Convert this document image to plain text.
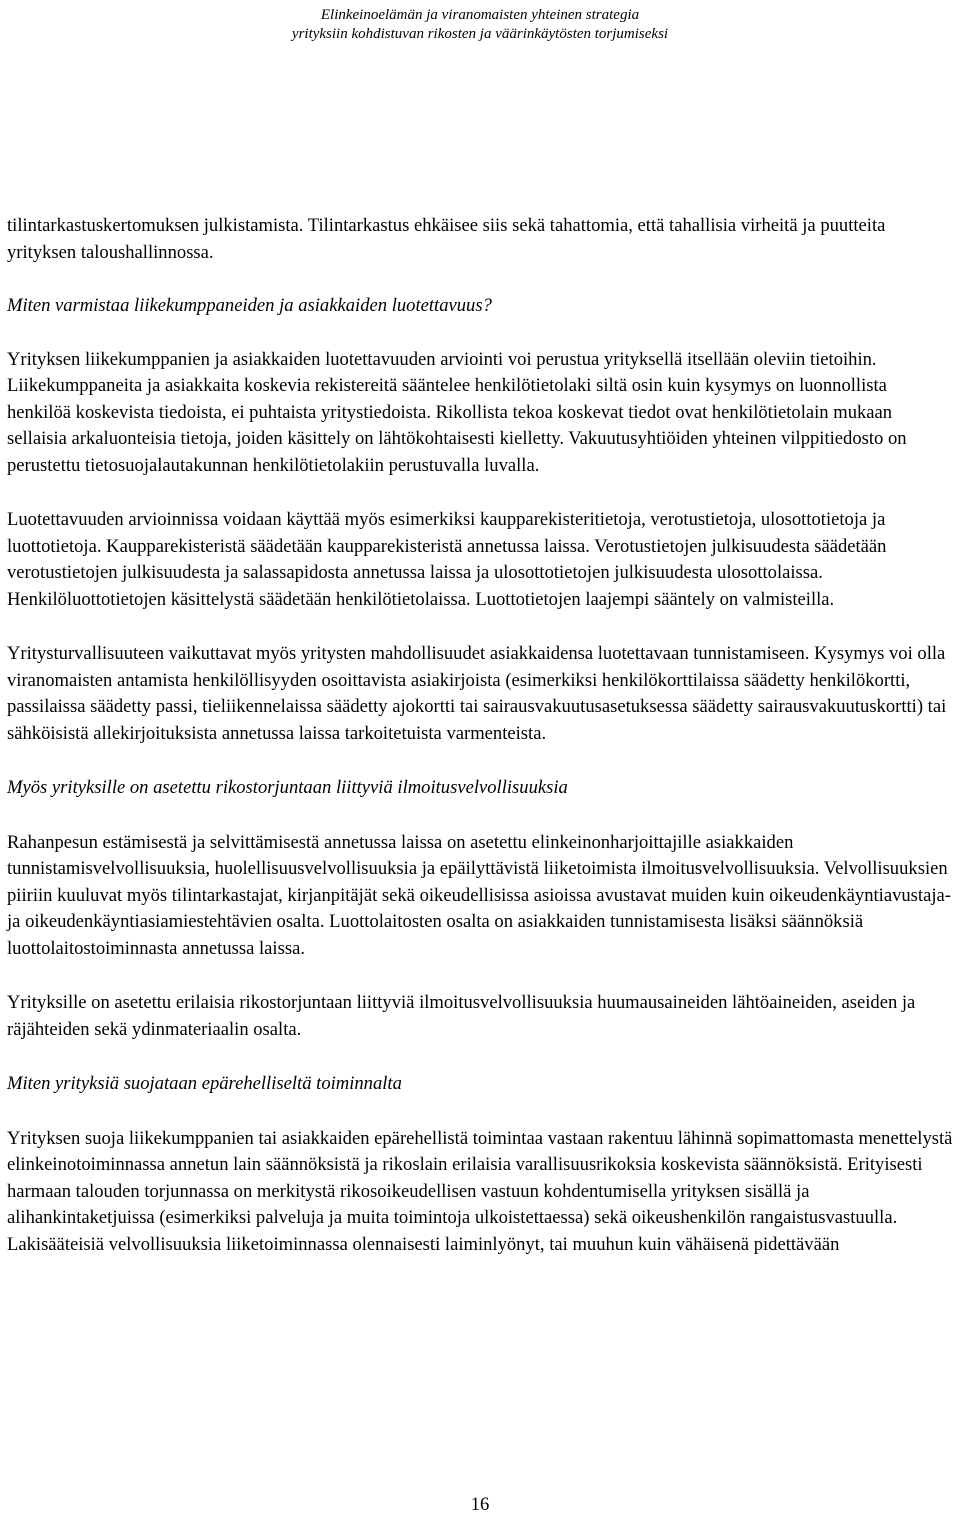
Elinkeinoelämän ja viranomaisten yhteinen strategia
yrityksiin kohdistuvan rikosten ja väärinkäytösten torjumiseksi

tilintarkastuskertomuksen julkistamista. Tilintarkastus ehkäisee siis sekä tahattomia, että tahallisia virheitä ja puutteita yrityksen taloushallinnossa.

Miten varmistaa liikekumppaneiden ja asiakkaiden luotettavuus?

Yrityksen liikekumppanien ja asiakkaiden luotettavuuden arviointi voi perustua yrityksellä itsellään oleviin tietoihin. Liikekumppaneita ja asiakkaita koskevia rekistereitä sääntelee henkilötietolaki siltä osin kuin kysymys on luonnollista henkilöä koskevista tiedoista, ei puhtaista yritystiedoista. Rikollista tekoa koskevat tiedot ovat henkilötietolain mukaan sellaisia arkaluonteisia tietoja, joiden käsittely on lähtökohtaisesti kielletty. Vakuutusyhtiöiden yhteinen vilppitiedosto on perustettu tietosuojalautakunnan henkilötietolakiin perustuvalla luvalla.

Luotettavuuden arvioinnissa voidaan käyttää myös esimerkiksi kaupparekisteritietoja, verotustietoja, ulosottotietoja ja luottotietoja. Kaupparekisteristä säädetään kaupparekisteristä annetussa laissa. Verotustietojen julkisuudesta säädetään verotustietojen julkisuudesta ja salassapidosta annetussa laissa ja ulosottotietojen julkisuudesta ulosottolaissa. Henkilöluottotietojen käsittelystä säädetään henkilötietolaissa. Luottotietojen laajempi sääntely on valmisteilla.

Yritysturvallisuuteen vaikuttavat myös yritysten mahdollisuudet asiakkaidensa luotettavaan tunnistamiseen. Kysymys voi olla viranomaisten antamista henkilöllisyyden osoittavista asiakirjoista (esimerkiksi henkilökorttilaissa säädetty henkilökortti, passilaissa säädetty passi, tieliikennelaissa säädetty ajokortti tai sairausvakuutusasetuksessa säädetty sairausvakuutuskortti) tai sähköisistä allekirjoituksista annetussa laissa tarkoitetuista varmenteista.

Myös yrityksille on asetettu rikostorjuntaan liittyviä ilmoitusvelvollisuuksia

Rahanpesun estämisestä ja selvittämisestä annetussa laissa on asetettu elinkeinonharjoittajille asiakkaiden tunnistamisvelvollisuuksia, huolellisuusvelvollisuuksia ja epäilyttävistä liiketoimista ilmoitusvelvollisuuksia. Velvollisuuksien piiriin kuuluvat myös tilintarkastajat, kirjanpitäjät sekä oikeudellisissa asioissa avustavat muiden kuin oikeudenkäyntiavustaja- ja oikeudenkäyntiasiamiestehtävien osalta. Luottolaitosten osalta on asiakkaiden tunnistamisesta lisäksi säännöksiä luottolaitostoiminnasta annetussa laissa.

Yrityksille on asetettu erilaisia rikostorjuntaan liittyviä ilmoitusvelvollisuuksia huumausaineiden lähtöaineiden, aseiden ja räjähteiden sekä ydinmateriaalin osalta.

Miten yrityksiä suojataan epärehelliseltä toiminnalta

Yrityksen suoja liikekumppanien tai asiakkaiden epärehellistä toimintaa vastaan rakentuu lähinnä sopimattomasta menettelystä elinkeinotoiminnassa annetun lain säännöksistä ja rikoslain erilaisia varallisuusrikoksia koskevista säännöksistä. Erityisesti harmaan talouden torjunnassa on merkitystä rikosoikeudellisen vastuun kohdentumisella yrityksen sisällä ja alihankintaketjuissa (esimerkiksi palveluja ja muita toimintoja ulkoistettaessa) sekä oikeushenkilön rangaistusvastuulla. Lakisääteisiä velvollisuuksia liiketoiminnassa olennaisesti laiminlyönyt, tai muuhun kuin vähäisenä pidettävään

16
